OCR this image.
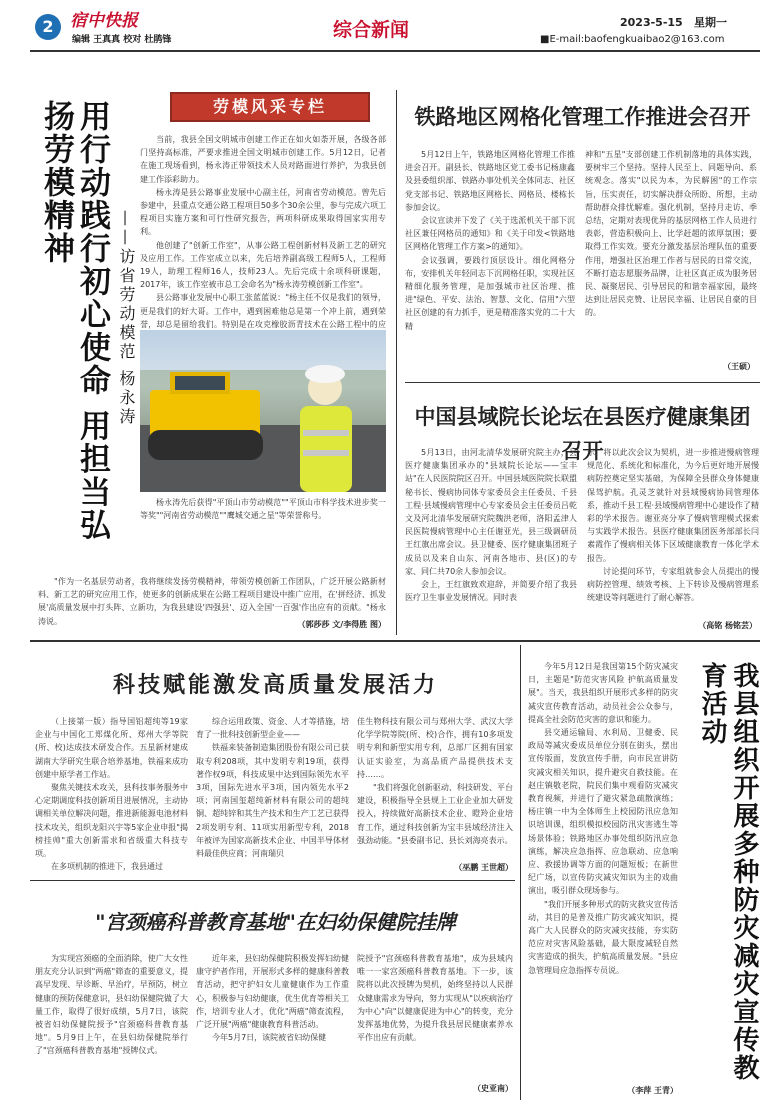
2 宿中快报
编辑 王真真 校对 杜鹃锋	综合新闻	2023-5-15	星期一
■E-mail:baofengkuaibao2@163.com
用行动践行初心使命 用担当弘扬劳模精神
——访省劳动模范 杨永涛
劳模风采专栏

当前，我县全国文明城市创建工作正在如火如荼开展，各级各部门坚持高标准，严要求推进全国文明城市创建工作。5月12日，记者在施工现场看到，杨永涛正带领技术人员对路面进行养护，为我县创建工作添彩助力。

杨永涛是县公路事业发展中心副主任，河南省劳动模范。曾先后参建中，县重点交通公路工程项目50多个30余公里，参与完成六项工程项目实施方案和可行性研究报告，两项科研成果取得国家实用专利。

他创建了"创新工作室"，从事公路工程创新材料及新工艺的研究及应用工作。工作室成立以来，先后培养副高级工程师5人，工程师19人，助理工程师16人，技师23人。先后完成十余项科研课题，2017年，该工作室被市总工会命名为"杨永涛劳模创新工作室"。

县公路事业发展中心职工张蓝蓝说："杨主任不仅是我们的领导，更是我们的好大哥。工作中，遇到困难他总是第一个冲上前，遇到荣誉，却总是留给我们。特别是在攻克橡胶沥青技术在公路工程中的应

杨永涛先后获得"平顶山市劳动模范""平顶山市科学技术进步奖一等奖""河南省劳动模范""鹰城交通之星"等荣誉称号。

"作为一名基层劳动者，我将继续发扬劳模精神，带领劳模创新工作团队，广泛开展公路新材料、新工艺的研究应用工作，使更多的创新成果在公路工程项目建设中推广应用，在'拼经济、抓发展'高质量发展中打头阵、立新功，为我县建设'四强县'、迈入全国'一百强'作出应有的贡献。"杨永涛说。	（郭莎莎 文/李得胜 图）
铁路地区网格化管理工作推进会召开

5月12日上午，铁路地区网格化管理工作推进会召开。副县长、铁路地区党工委书记杨康鑫及县委组织部、铁路办事处机关全体同志、社区党支部书记、铁路地区网格长、网格员、楼栋长参加会议。

会议宣读并下发了《关于选派机关干部下沉社区兼任网格员的通知》和《关于印发<铁路地区网格化管理工作方案>的通知》。

会议强调，要践行顶层设计。细化网格分布，安排机关年轻同志下沉网格任职，实现社区精细化服务管理，是加强城市社区治理、推进"绿色、平安、法治、智慧、文化、信用"六型社区创建的有力抓手，更是精准落实党的二十大精

神和"五星"支部创建工作机制落地的具体实践，要树牢三个坚持。坚持人民至上、同题导向、系统观念。落实"以民为本，为民解困"的工作宗旨，压实责任，切实解决群众所盼、所想，主动帮助群众排忧解难。强化机制，坚持月走访、季总结，定期对表现优异的基层网格工作人员进行表彰，营造积极向上、比学赶超的浓厚氛围；要取得工作实效。要充分激发基层治理队伍的重要作用，增强社区治理工作者与居民的日常交流，不断打造志愿服务品牌，让社区真正成为服务居民、凝聚居民、引导居民的和谐幸福家园，最终达到让居民克赞、让居民幸福、让居民自豪的目的。
（王硕）
中国县域院长论坛在县医疗健康集团召开

5月13日，由河北清华发展研究院主办，县医疗健康集团承办的"县域院长论坛——宝丰站"在人民医院院区召开。中国县域医院院长联盟秘书长、慢病协同体专家委员会主任委员、千县工程·县域慢病管理中心专家委员会主任委员吕乾文及河北清华发展研究院魏洪老师，洛阳孟津人民医院慢病管理中心主任谢亚光，县三级调研员王红旗出席会议。县卫健委、医疗健康集团班子成员以及来自山东、河南各地市、县(区)的专家、同仁共70余人参加会议。

会上，王红旗致欢迎辞，并简要介绍了我县医疗卫生事业发展情况。同时表

示，将以此次会议为契机，进一步推进慢病管理规范化、系统化和标准化，为今后更好地开展慢病防控奠定坚实基础，为保障全县群众身体健康保驾护航。孔灵芝就针对县域慢病协同管理体系，推动千县工程·县域慢病管理中心建设作了精彩的学术报告。谢亚亮分享了慢病管理模式探索与实践学术报告。县医疗健康集团医务部部长闫素霞作了慢病相关体下区域健康教育一体化学术报告。

讨论提问环节，专家组就参会人员提出的慢病防控管理、绩效考核、上下转诊及慢病管理系统建设等问题进行了耐心解答。

（高铭 杨铭芸）
科技赋能激发高质量发展活力

（上接第一版）指导国铝超纯等19家企业与中国化工郑煤化所、郑州大学等院(所、校)达成技术研发合作。五星新材建成湖南大学研究生联合培养基地，铁福来成功创建中原学者工作站。

聚焦关键技术攻关，县科技事务服务中心定期调度科技创新项目进展情况，主动协调相关单位解决问题，推进新能源电池材料技术攻关，组织龙阳兴宇等5家企业申报"揭榜挂帅"重大创新需求和省级重大科技专项。

在多项机制的推进下，我县通过

综合运用政策、资金、人才等措施，培育了一批科技创新型企业——

铁福来装备制造集团股份有限公司已获取专利208项，其中发明专利19项，获得著作权9项，科技成果中达到国际领先水平3项，国际先进水平3项，国内领先水平2项；河南国玺超纯新材料有限公司的超纯铜、超纯锌和其生产技术和生产工艺已获得2项发明专利、11项实用新型专利，2018年被评为国家高新技术企业、中国半导体材料最佳供应商；河南瑞贝

佳生物科技有限公司与郑州大学、武汉大学化学学院等院(所、校)合作，拥有10多项发明专利和新型实用专利，总部厂区拥有国家认证实验室，为高品质产品提供技术支持……。

"我们将强化创新驱动、科技研发、平台建设，积极指导全县规上工业企业加大研发投入，持续做好高新技术企业、瞪羚企业培育工作，通过科技创新为宝丰县域经济注入强劲动能。"县委副书记、县长刘海亮表示。

（巫鹏 王世超）
"宫颈癌科普教育基地"在妇幼保健院挂牌

为实现宫颈癌的全面消除，使广大女性朋友充分认识到"两癌"筛查的重要意义，提高早发现、早诊断、早治疗，早预防，树立健康的预防保健意识，县妇幼保健院做了大量工作，取得了很好成绩，5月7日，该院被省妇幼保健院授予"宫颈癌科普教育基地"。5月9日上午，在县妇幼保健院举行了"宫颈癌科普教育基地"授牌仪式。

近年来，县妇幼保健院积极发挥妇幼健康守护者作用，开展形式多样的健康科普教育活动，把守护妇女儿童健康作为工作重心，积极参与妇幼健康，优生优育等相关工作，培训专业人才，优化"两癌"筛查流程，广泛开展"两癌"健康教育科普活动。

今年5月7日，该院被省妇幼保健

院授予"宫颈癌科普教育基地"，成为县域内唯一一家宫颈癌科普教育基地。下一步，该院将以此次授牌为契机，始终坚持以人民群众健康需求为导向，努力实现从"以疾病治疗为中心"向"以健康促进为中心"的转变，充分发挥基地优势，为提升我县居民健康素养水平作出应有贡献。
（史亚南）

今年5月12日是我国第15个防灾减灾日，主题是"防范灾害风险 护航高质量发展"。当天，我县组织开展形式多样的防灾减灾宣传教育活动，动员社会公众参与，提高全社会防范灾害的意识和能力。

县交通运输局、水利局、卫健委、民政局等减灾委成员单位分别在街头，摆出宣传版面，发放宣传手册，向市民宣讲防灾减灾相关知识，提升避灾自救技能。在赵庄镇敬老院，院民们集中观看防灾减灾教育视频，并进行了避灾紧急疏散演练；杨庄镇一中为全体师生上校园防汛应急知识培训课，组织模拟校园防汛灾害逃生等场景体验；铁路地区办事处组织防汛应急演练，解决应急指挥、应急联动、应急响应、救援协调等方面的问题短板；在新世纪广场，以宣传防灾减灾知识为主的戏曲演出，吸引群众现场参与。

"我们开展多种形式的防灾救灾宣传活动，其目的是普及推广防灾减灾知识，提高广大人民群众的防灾减灾技能，夯实防范应对灾害风险基础，最大限度减轻自然灾害造成的损失，护航高质量发展。"县应急管理局应急指挥专员说。

（李萍 王青）
我县组织开展多种防灾减灾宣传教育活动
